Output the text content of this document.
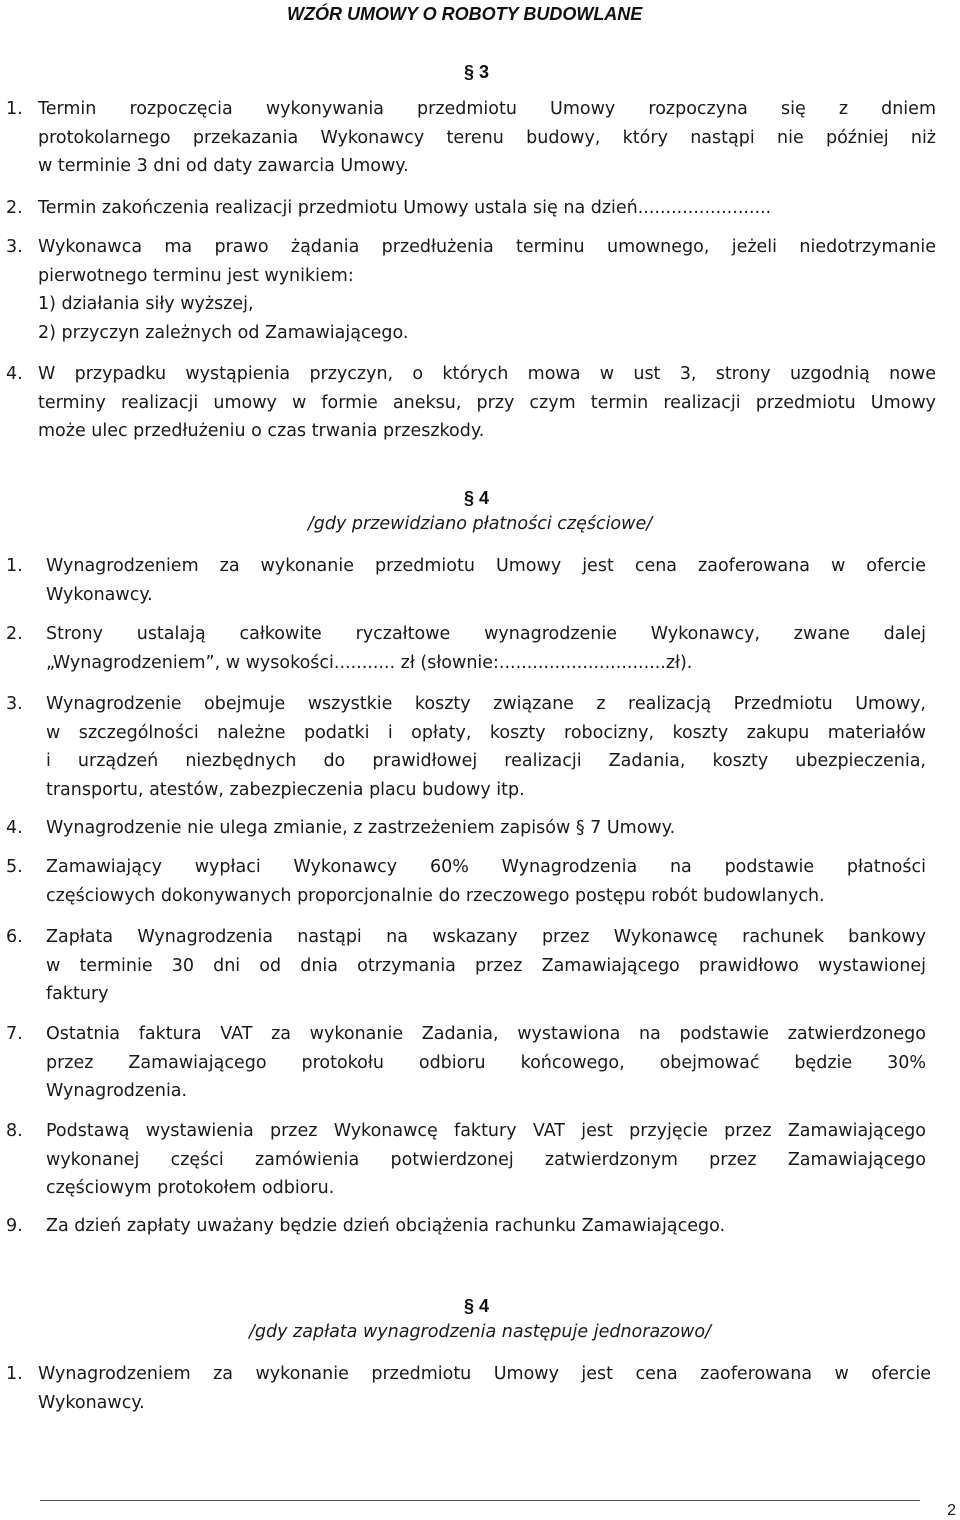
WZÓR UMOWY O ROBOTY BUDOWLANE
§ 3
1. Termin rozpoczęcia wykonywania przedmiotu Umowy rozpoczyna się z dniem
protokolarnego przekazania Wykonawcy terenu budowy, który nastąpi nie później niż
w terminie 3 dni od daty zawarcia Umowy.
2. Termin zakończenia realizacji przedmiotu Umowy ustala się na dzień........................
3. Wykonawca ma prawo żądania przedłużenia terminu umownego, jeżeli niedotrzymanie
pierwotnego terminu jest wynikiem:
1) działania siły wyższej,
2) przyczyn zależnych od Zamawiającego.
4. W przypadku wystąpienia przyczyn, o których mowa w ust 3, strony uzgodnią nowe
terminy realizacji umowy w formie aneksu, przy czym termin realizacji przedmiotu Umowy
może ulec przedłużeniu o czas trwania przeszkody.
§ 4
/gdy przewidziano płatności częściowe/
1.	Wynagrodzeniem za wykonanie przedmiotu Umowy jest cena zaoferowana w ofercie
Wykonawcy.
2.	Strony ustalają całkowite ryczałtowe wynagrodzenie Wykonawcy, zwane dalej
„Wynagrodzeniem”, w wysokości........... zł (słownie:..............................zł).
3.	Wynagrodzenie obejmuje wszystkie koszty związane z realizacją Przedmiotu Umowy,
w szczególności należne podatki i opłaty, koszty robocizny, koszty zakupu materiałów
i urządzeń niezbędnych do prawidłowej realizacji Zadania, koszty ubezpieczenia,
transportu, atestów, zabezpieczenia placu budowy itp.
4.	Wynagrodzenie nie ulega zmianie, z zastrzeżeniem zapisów § 7 Umowy.
5.	Zamawiający wypłaci Wykonawcy 60% Wynagrodzenia na podstawie płatności
częściowych dokonywanych proporcjonalnie do rzeczowego postępu robót budowlanych.
6.	Zapłata Wynagrodzenia nastąpi na wskazany przez Wykonawcę rachunek bankowy
w terminie 30 dni od dnia otrzymania przez Zamawiającego prawidłowo wystawionej
faktury
7.	Ostatnia faktura VAT za wykonanie Zadania, wystawiona na podstawie zatwierdzonego
przez Zamawiającego protokołu odbioru końcowego, obejmować będzie 30%
Wynagrodzenia.
8.	Podstawą wystawienia przez Wykonawcę faktury VAT jest przyjęcie przez Zamawiającego
wykonanej części zamówienia potwierdzonej zatwierdzonym przez Zamawiającego
częściowym protokołem odbioru.
9.	Za dzień zapłaty uważany będzie dzień obciążenia rachunku Zamawiającego.
§ 4
/gdy zapłata wynagrodzenia następuje jednorazowo/
1. Wynagrodzeniem za wykonanie przedmiotu Umowy jest cena zaoferowana w ofercie
Wykonawcy.
2
